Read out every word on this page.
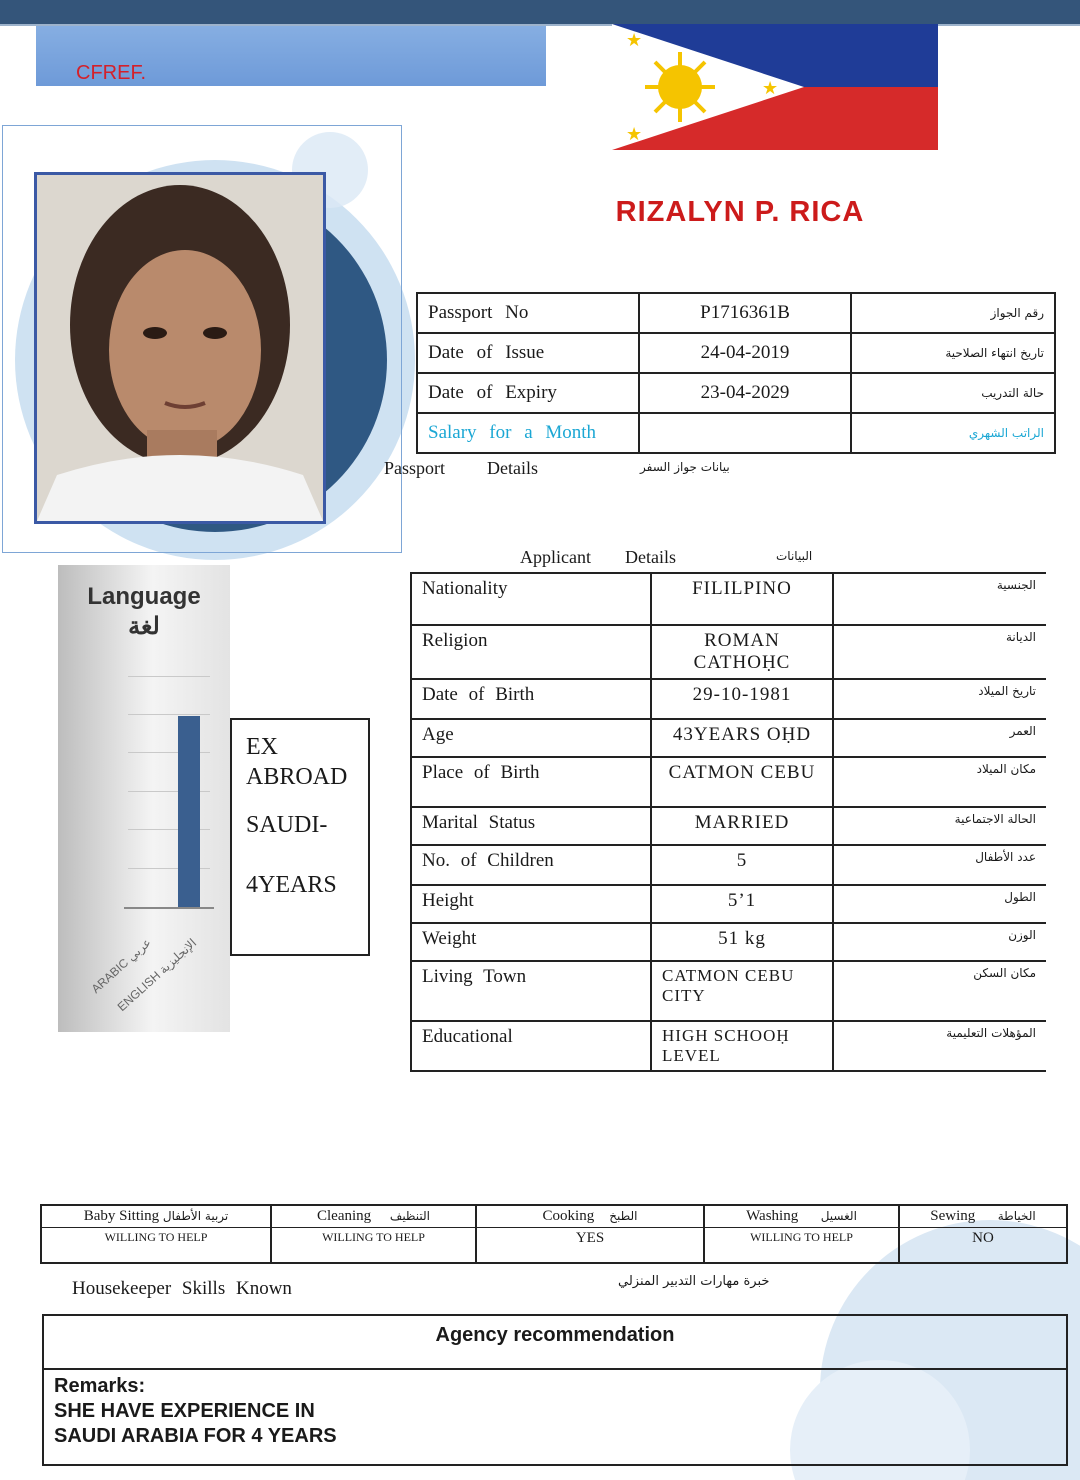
CFREF.
★
★
★
RIZALYN P. RICA
Passport No	P1716361B	رقم الجواز
Date of Issue	24-04-2019	تاريخ انتهاء الصلاحية
Date of Expiry	23-04-2029	حالة التدريب
Salary for a Month		الراتب الشهري
Passport Details	بيانات جواز السفر
Applicant Details	البيانات
Nationality	FILILPINO	الجنسية
Religion	ROMAN CATHOḤC	الديانة
Date of Birth	29-10-1981	تاريخ الميلاد
Age	43YEARS OḤD	العمر
Place of Birth	CATMON CEBU	مكان الميلاد
Marital Status	MARRIED	الحالة الاجتماعية
No. of Children	5	عدد الأطفال
Height	5’1	الطول
Weight	51 kg	الوزن
Living Town	CATMON CEBU CITY	مكان السكن
Educational	HIGH SCHOOḤ LEVEL	المؤهلات التعليمية
Language
لغة
ARABIC عربي
ENGLISH الإنجليزية
EX ABROAD
SAUDI-
4YEARS
Baby Sitting تربية الأطفال	Cleaning التنظيف	Cooking الطبخ	Washing الغسيل	Sewing الخياطة
WILLING TO HELP	WILLING TO HELP	YES	WILLING TO HELP	NO
Housekeeper Skills Known	خبرة مهارات التدبير المنزلي
Agency recommendation
Remarks:
SHE HAVE EXPERIENCE IN
SAUDI ARABIA FOR 4 YEARS
